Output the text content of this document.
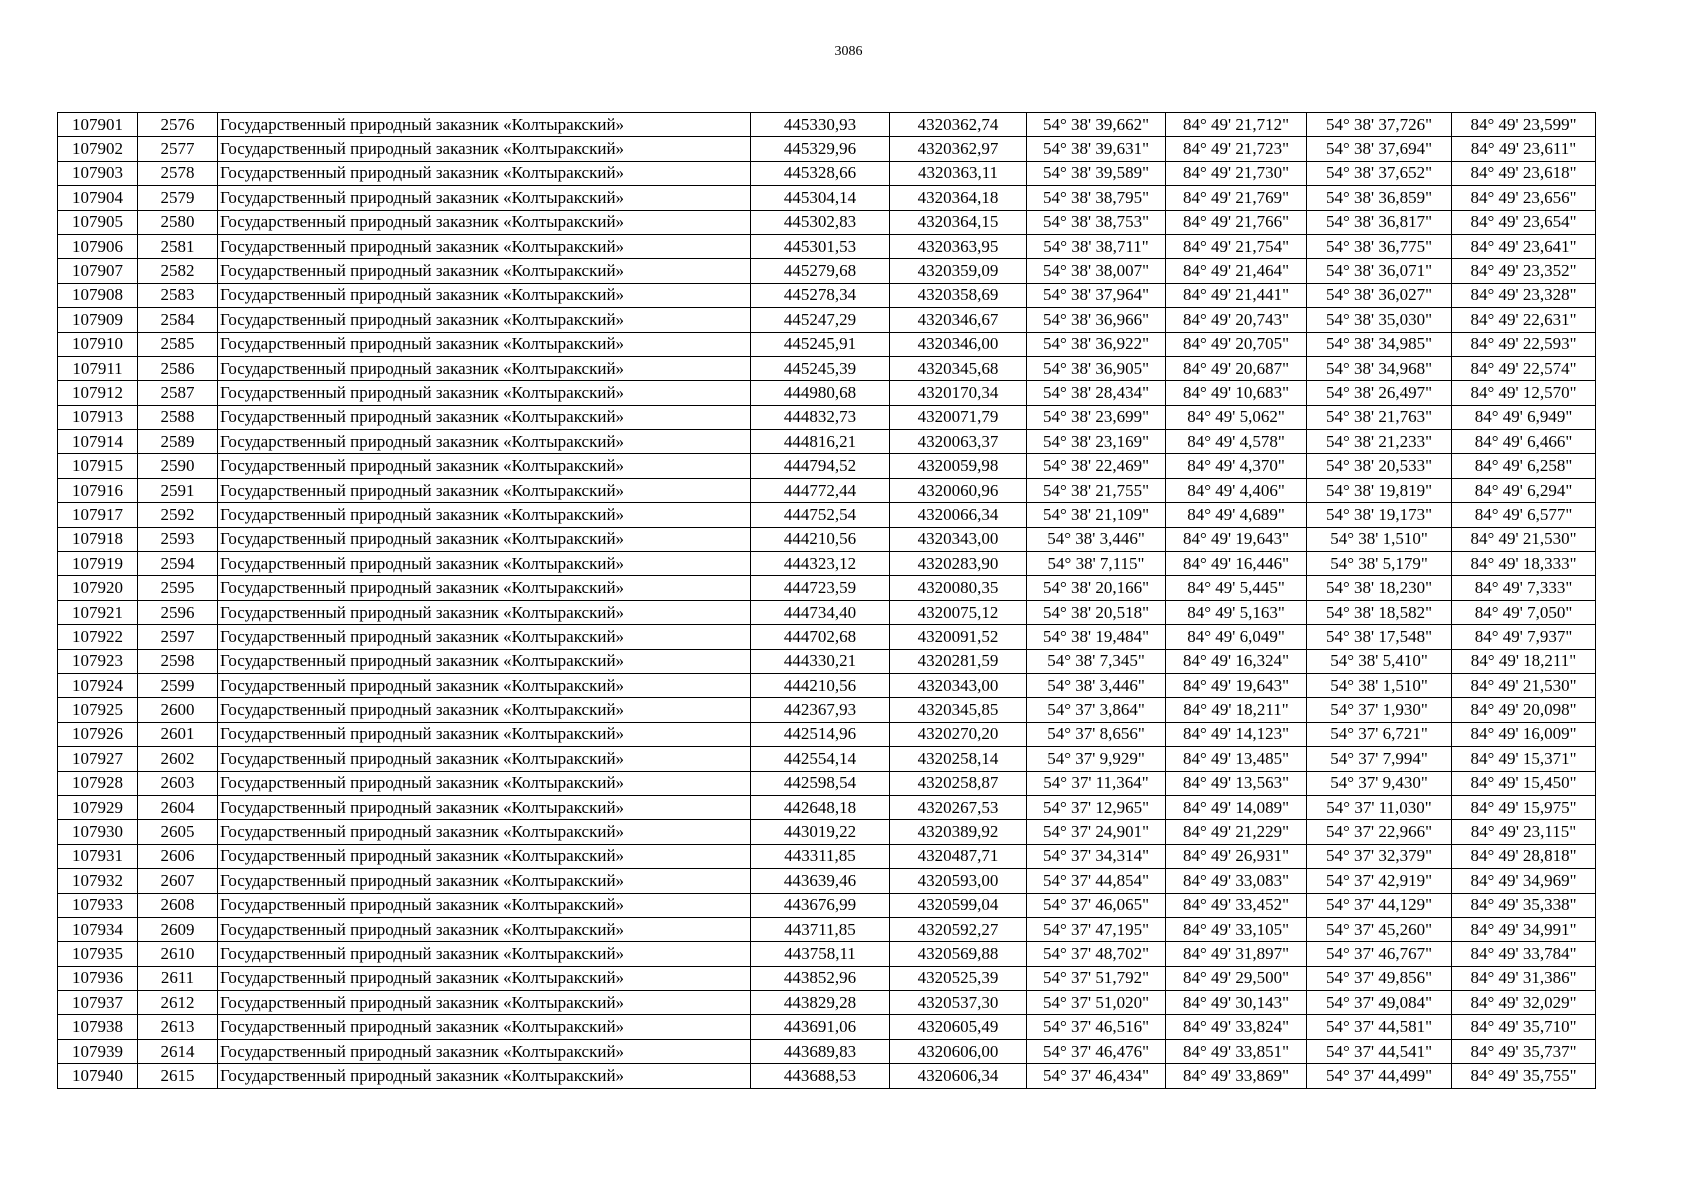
3086
107901	2576	Государственный природный заказник «Колтыракский»	445330,93	4320362,74	54° 38' 39,662"	84° 49' 21,712"	54° 38' 37,726"	84° 49' 23,599"
107902	2577	Государственный природный заказник «Колтыракский»	445329,96	4320362,97	54° 38' 39,631"	84° 49' 21,723"	54° 38' 37,694"	84° 49' 23,611"
107903	2578	Государственный природный заказник «Колтыракский»	445328,66	4320363,11	54° 38' 39,589"	84° 49' 21,730"	54° 38' 37,652"	84° 49' 23,618"
107904	2579	Государственный природный заказник «Колтыракский»	445304,14	4320364,18	54° 38' 38,795"	84° 49' 21,769"	54° 38' 36,859"	84° 49' 23,656"
107905	2580	Государственный природный заказник «Колтыракский»	445302,83	4320364,15	54° 38' 38,753"	84° 49' 21,766"	54° 38' 36,817"	84° 49' 23,654"
107906	2581	Государственный природный заказник «Колтыракский»	445301,53	4320363,95	54° 38' 38,711"	84° 49' 21,754"	54° 38' 36,775"	84° 49' 23,641"
107907	2582	Государственный природный заказник «Колтыракский»	445279,68	4320359,09	54° 38' 38,007"	84° 49' 21,464"	54° 38' 36,071"	84° 49' 23,352"
107908	2583	Государственный природный заказник «Колтыракский»	445278,34	4320358,69	54° 38' 37,964"	84° 49' 21,441"	54° 38' 36,027"	84° 49' 23,328"
107909	2584	Государственный природный заказник «Колтыракский»	445247,29	4320346,67	54° 38' 36,966"	84° 49' 20,743"	54° 38' 35,030"	84° 49' 22,631"
107910	2585	Государственный природный заказник «Колтыракский»	445245,91	4320346,00	54° 38' 36,922"	84° 49' 20,705"	54° 38' 34,985"	84° 49' 22,593"
107911	2586	Государственный природный заказник «Колтыракский»	445245,39	4320345,68	54° 38' 36,905"	84° 49' 20,687"	54° 38' 34,968"	84° 49' 22,574"
107912	2587	Государственный природный заказник «Колтыракский»	444980,68	4320170,34	54° 38' 28,434"	84° 49' 10,683"	54° 38' 26,497"	84° 49' 12,570"
107913	2588	Государственный природный заказник «Колтыракский»	444832,73	4320071,79	54° 38' 23,699"	84° 49' 5,062"	54° 38' 21,763"	84° 49' 6,949"
107914	2589	Государственный природный заказник «Колтыракский»	444816,21	4320063,37	54° 38' 23,169"	84° 49' 4,578"	54° 38' 21,233"	84° 49' 6,466"
107915	2590	Государственный природный заказник «Колтыракский»	444794,52	4320059,98	54° 38' 22,469"	84° 49' 4,370"	54° 38' 20,533"	84° 49' 6,258"
107916	2591	Государственный природный заказник «Колтыракский»	444772,44	4320060,96	54° 38' 21,755"	84° 49' 4,406"	54° 38' 19,819"	84° 49' 6,294"
107917	2592	Государственный природный заказник «Колтыракский»	444752,54	4320066,34	54° 38' 21,109"	84° 49' 4,689"	54° 38' 19,173"	84° 49' 6,577"
107918	2593	Государственный природный заказник «Колтыракский»	444210,56	4320343,00	54° 38' 3,446"	84° 49' 19,643"	54° 38' 1,510"	84° 49' 21,530"
107919	2594	Государственный природный заказник «Колтыракский»	444323,12	4320283,90	54° 38' 7,115"	84° 49' 16,446"	54° 38' 5,179"	84° 49' 18,333"
107920	2595	Государственный природный заказник «Колтыракский»	444723,59	4320080,35	54° 38' 20,166"	84° 49' 5,445"	54° 38' 18,230"	84° 49' 7,333"
107921	2596	Государственный природный заказник «Колтыракский»	444734,40	4320075,12	54° 38' 20,518"	84° 49' 5,163"	54° 38' 18,582"	84° 49' 7,050"
107922	2597	Государственный природный заказник «Колтыракский»	444702,68	4320091,52	54° 38' 19,484"	84° 49' 6,049"	54° 38' 17,548"	84° 49' 7,937"
107923	2598	Государственный природный заказник «Колтыракский»	444330,21	4320281,59	54° 38' 7,345"	84° 49' 16,324"	54° 38' 5,410"	84° 49' 18,211"
107924	2599	Государственный природный заказник «Колтыракский»	444210,56	4320343,00	54° 38' 3,446"	84° 49' 19,643"	54° 38' 1,510"	84° 49' 21,530"
107925	2600	Государственный природный заказник «Колтыракский»	442367,93	4320345,85	54° 37' 3,864"	84° 49' 18,211"	54° 37' 1,930"	84° 49' 20,098"
107926	2601	Государственный природный заказник «Колтыракский»	442514,96	4320270,20	54° 37' 8,656"	84° 49' 14,123"	54° 37' 6,721"	84° 49' 16,009"
107927	2602	Государственный природный заказник «Колтыракский»	442554,14	4320258,14	54° 37' 9,929"	84° 49' 13,485"	54° 37' 7,994"	84° 49' 15,371"
107928	2603	Государственный природный заказник «Колтыракский»	442598,54	4320258,87	54° 37' 11,364"	84° 49' 13,563"	54° 37' 9,430"	84° 49' 15,450"
107929	2604	Государственный природный заказник «Колтыракский»	442648,18	4320267,53	54° 37' 12,965"	84° 49' 14,089"	54° 37' 11,030"	84° 49' 15,975"
107930	2605	Государственный природный заказник «Колтыракский»	443019,22	4320389,92	54° 37' 24,901"	84° 49' 21,229"	54° 37' 22,966"	84° 49' 23,115"
107931	2606	Государственный природный заказник «Колтыракский»	443311,85	4320487,71	54° 37' 34,314"	84° 49' 26,931"	54° 37' 32,379"	84° 49' 28,818"
107932	2607	Государственный природный заказник «Колтыракский»	443639,46	4320593,00	54° 37' 44,854"	84° 49' 33,083"	54° 37' 42,919"	84° 49' 34,969"
107933	2608	Государственный природный заказник «Колтыракский»	443676,99	4320599,04	54° 37' 46,065"	84° 49' 33,452"	54° 37' 44,129"	84° 49' 35,338"
107934	2609	Государственный природный заказник «Колтыракский»	443711,85	4320592,27	54° 37' 47,195"	84° 49' 33,105"	54° 37' 45,260"	84° 49' 34,991"
107935	2610	Государственный природный заказник «Колтыракский»	443758,11	4320569,88	54° 37' 48,702"	84° 49' 31,897"	54° 37' 46,767"	84° 49' 33,784"
107936	2611	Государственный природный заказник «Колтыракский»	443852,96	4320525,39	54° 37' 51,792"	84° 49' 29,500"	54° 37' 49,856"	84° 49' 31,386"
107937	2612	Государственный природный заказник «Колтыракский»	443829,28	4320537,30	54° 37' 51,020"	84° 49' 30,143"	54° 37' 49,084"	84° 49' 32,029"
107938	2613	Государственный природный заказник «Колтыракский»	443691,06	4320605,49	54° 37' 46,516"	84° 49' 33,824"	54° 37' 44,581"	84° 49' 35,710"
107939	2614	Государственный природный заказник «Колтыракский»	443689,83	4320606,00	54° 37' 46,476"	84° 49' 33,851"	54° 37' 44,541"	84° 49' 35,737"
107940	2615	Государственный природный заказник «Колтыракский»	443688,53	4320606,34	54° 37' 46,434"	84° 49' 33,869"	54° 37' 44,499"	84° 49' 35,755"
